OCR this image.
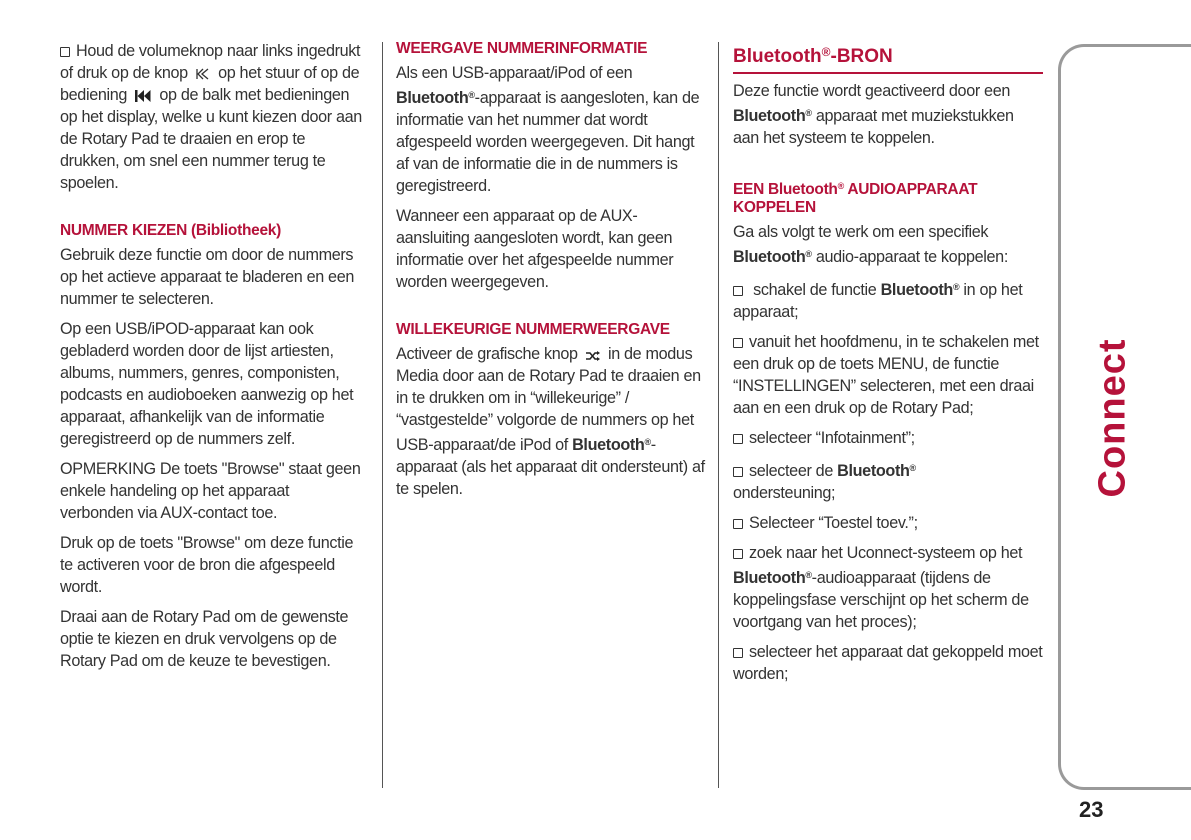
Houd de volumeknop naar links ingedrukt of druk op de knop op het stuur of op de bediening op de balk met bedieningen op het display, welke u kunt kiezen door aan de Rotary Pad te draaien en erop te drukken, om snel een nummer terug te spoelen.

NUMMER KIEZEN (Bibliotheek)

Gebruik deze functie om door de nummers op het actieve apparaat te bladeren en een nummer te selecteren.

Op een USB/iPOD-apparaat kan ook gebladerd worden door de lijst artiesten, albums, nummers, genres, componisten, podcasts en audioboeken aanwezig op het apparaat, afhankelijk van de informatie geregistreerd op de nummers zelf.

OPMERKING De toets "Browse" staat geen enkele handeling op het apparaat verbonden via AUX-contact toe.

Druk op de toets "Browse" om deze functie te activeren voor de bron die afgespeeld wordt.

Draai aan de Rotary Pad om de gewenste optie te kiezen en druk vervolgens op de Rotary Pad om de keuze te bevestigen.

WEERGAVE NUMMERINFORMATIE

Als een USB-apparaat/iPod of een Bluetooth®-apparaat is aangesloten, kan de informatie van het nummer dat wordt afgespeeld worden weergegeven. Dit hangt af van de informatie die in de nummers is geregistreerd.

Wanneer een apparaat op de AUX-aansluiting aangesloten wordt, kan geen informatie over het afgespeelde nummer worden weergegeven.

WILLEKEURIGE NUMMERWEERGAVE

Activeer de grafische knop in de modus Media door aan de Rotary Pad te draaien en in te drukken om in “willekeurige” / “vastgestelde” volgorde de nummers op het USB-apparaat/de iPod of Bluetooth®-apparaat (als het apparaat dit ondersteunt) af te spelen.

Bluetooth®-BRON

Deze functie wordt geactiveerd door een Bluetooth® apparaat met muziekstukken aan het systeem te koppelen.

EEN Bluetooth® AUDIOAPPARAAT KOPPELEN

Ga als volgt te werk om een specifiek Bluetooth® audio-apparaat te koppelen:

schakel de functie Bluetooth® in op het apparaat;

vanuit het hoofdmenu, in te schakelen met een druk op de toets MENU, de functie “INSTELLINGEN” selecteren, met een draai aan en een druk op de Rotary Pad;

selecteer “Infotainment”;

selecteer de Bluetooth®
ondersteuning;

Selecteer “Toestel toev.”;

zoek naar het Uconnect-systeem op het Bluetooth®-audioapparaat (tijdens de koppelingsfase verschijnt op het scherm de voortgang van het proces);

selecteer het apparaat dat gekoppeld moet worden;

Connect
23
